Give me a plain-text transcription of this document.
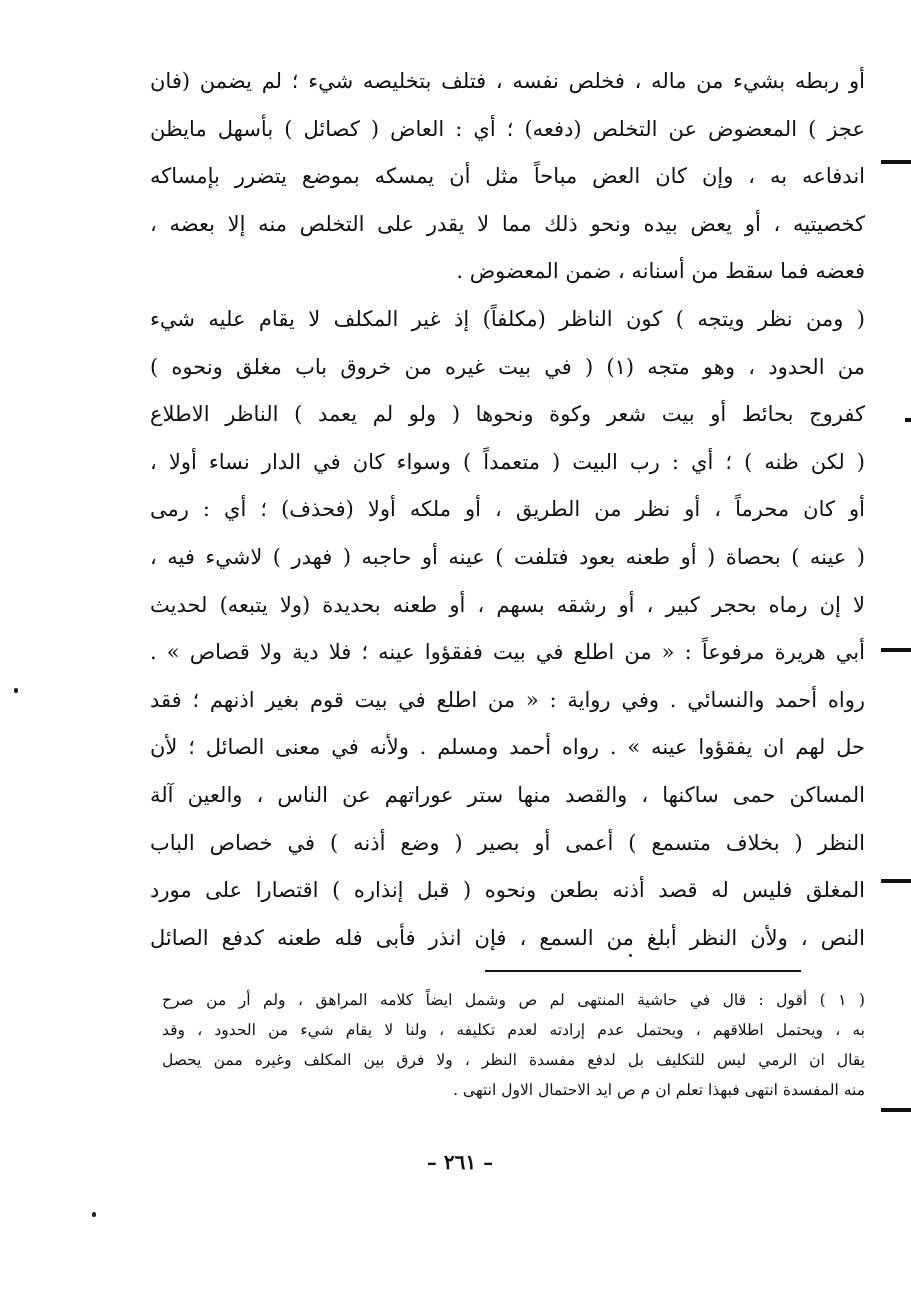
أو ربطه بشيء من ماله ، فخلص نفسه ، فتلف بتخليصه شيء ؛ لم يضمن (فان
عجز ) المعضوض عن التخلص (دفعه) ؛ أي : العاض ( كصائل ) بأسهل مايظن
اندفاعه به ، وإن كان العض مباحاً مثل أن يمسكه بموضع يتضرر بإمساكه
كخصيتيه ، أو يعض بيده ونحو ذلك مما لا يقدر على التخلص منه إلا بعضه ،
فعضه فما سقط من أسنانه ، ضمن المعضوض .
( ومن نظر ويتجه ) كون الناظر (مكلفاً) إذ غير المكلف لا يقام عليه شيء
من الحدود ، وهو متجه (١) ( في بيت غيره من خروق باب مغلق ونحوه )
كفروج بحائط أو بيت شعر وكوة ونحوها ( ولو لم يعمد ) الناظر الاطلاع
( لكن ظنه ) ؛ أي : رب البيت ( متعمداً ) وسواء كان في الدار نساء أولا ،
أو كان محرماً ، أو نظر من الطريق ، أو ملكه أولا (فحذف) ؛ أي : رمى
( عينه ) بحصاة ( أو طعنه بعود فتلفت ) عينه أو حاجبه ( فهدر ) لاشيء فيه ،
لا إن رماه بحجر كبير ، أو رشقه بسهم ، أو طعنه بحديدة (ولا يتبعه) لحديث
أبي هريرة مرفوعاً : « من اطلع في بيت ففقؤوا عينه ؛ فلا دية ولا قصاص » .
رواه أحمد والنسائي . وفي رواية : « من اطلع في بيت قوم بغير اذنهم ؛ فقد
حل لهم ان يفقؤوا عينه » . رواه أحمد ومسلم . ولأنه في معنى الصائل ؛ لأن
المساكن حمى ساكنها ، والقصد منها ستر عوراتهم عن الناس ، والعين آلة
النظر ( بخلاف متسمع ) أعمى أو بصير ( وضع أذنه ) في خصاص الباب
المغلق فليس له قصد أذنه بطعن ونحوه ( قبل إنذاره ) اقتصارا على مورد
النص ، ولأن النظر أبلغ من السمع ، فإن انذر فأبى فله طعنه كدفع الصائل
( ١ ) أقول : قال في حاشية المنتهى لم ص وشمل ايضاً كلامه المراهق ، ولم أر من صرح
به ، ويحتمل اطلاقهم ، ويحتمل عدم إرادته لعدم تكليفه ، ولنا لا يقام شيء من الحدود ، وقد
يقال ان الرمي ليس للتكليف بل لدفع مفسدة النظر ، ولا فرق بين المكلف وغيره ممن يحصل
منه المفسدة انتهى فبهذا تعلم ان م ص ايد الاحتمال الاول انتهى .
– ٢٦١ –
